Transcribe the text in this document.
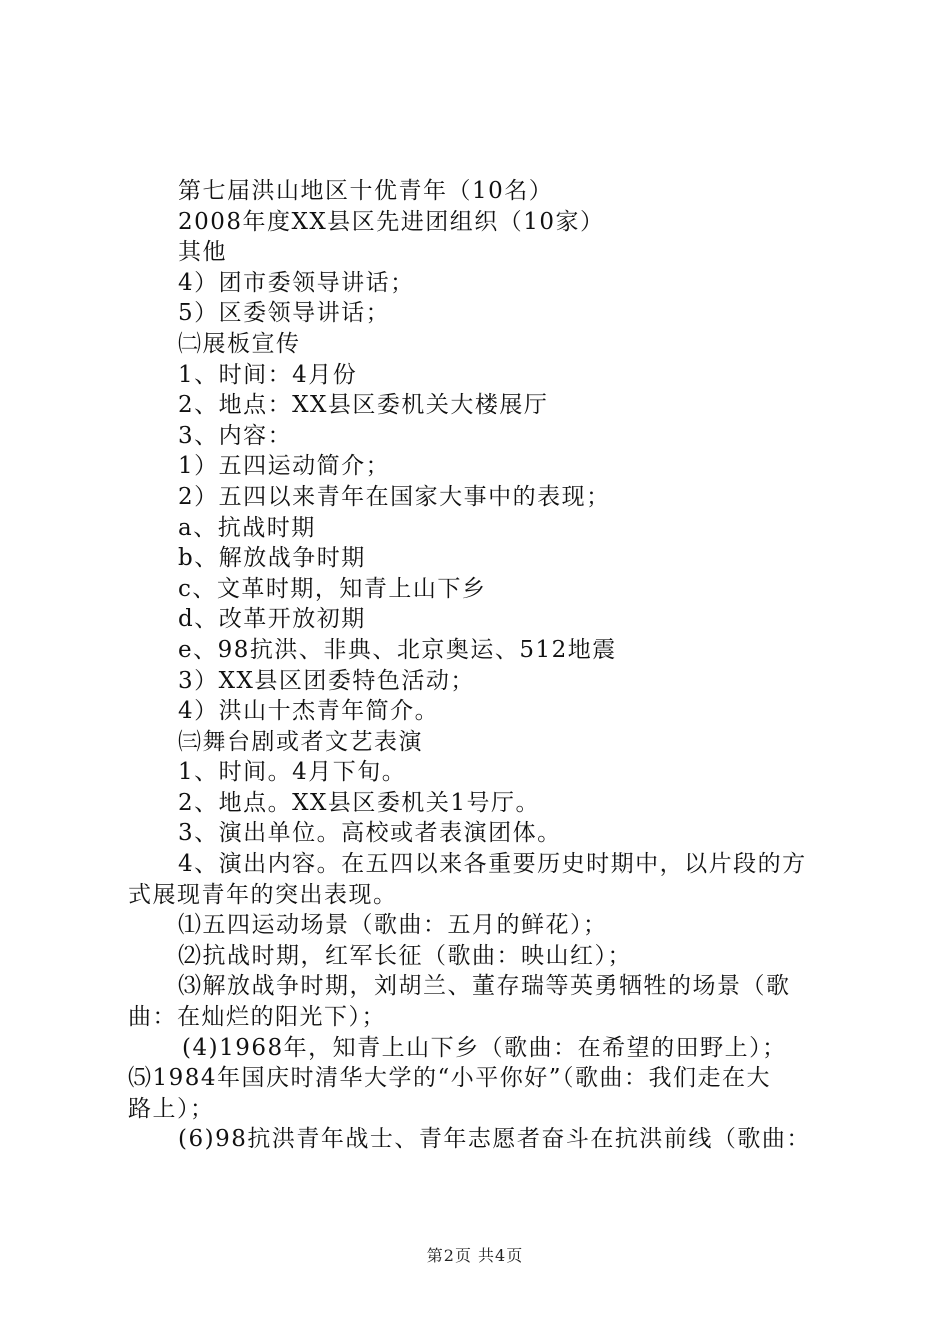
第七届洪山地区十优青年（10名）
2008年度XX县区先进团组织（10家）
其他
4）团市委领导讲话；
5）区委领导讲话；
㈡展板宣传
1、时间：4月份
2、地点：XX县区委机关大楼展厅
3、内容：
1）五四运动简介；
2）五四以来青年在国家大事中的表现；
a、抗战时期
b、解放战争时期
c、文革时期，知青上山下乡
d、改革开放初期
e、98抗洪、非典、北京奥运、512地震
3）XX县区团委特色活动；
4）洪山十杰青年简介。
㈢舞台剧或者文艺表演
1、时间。4月下旬。
2、地点。XX县区委机关1号厅。
3、演出单位。高校或者表演团体。
4、演出内容。在五四以来各重要历史时期中，以片段的方
式展现青年的突出表现。
⑴五四运动场景（歌曲：五月的鲜花）；
⑵抗战时期，红军长征（歌曲：映山红）；
⑶解放战争时期，刘胡兰、董存瑞等英勇牺牲的场景（歌
曲：在灿烂的阳光下）；
(4)1968年，知青上山下乡（歌曲：在希望的田野上）；
⑸1984年国庆时清华大学的“小平你好”（歌曲：我们走在大
路上）；
(6)98抗洪青年战士、青年志愿者奋斗在抗洪前线（歌曲：
第2页 共4页
